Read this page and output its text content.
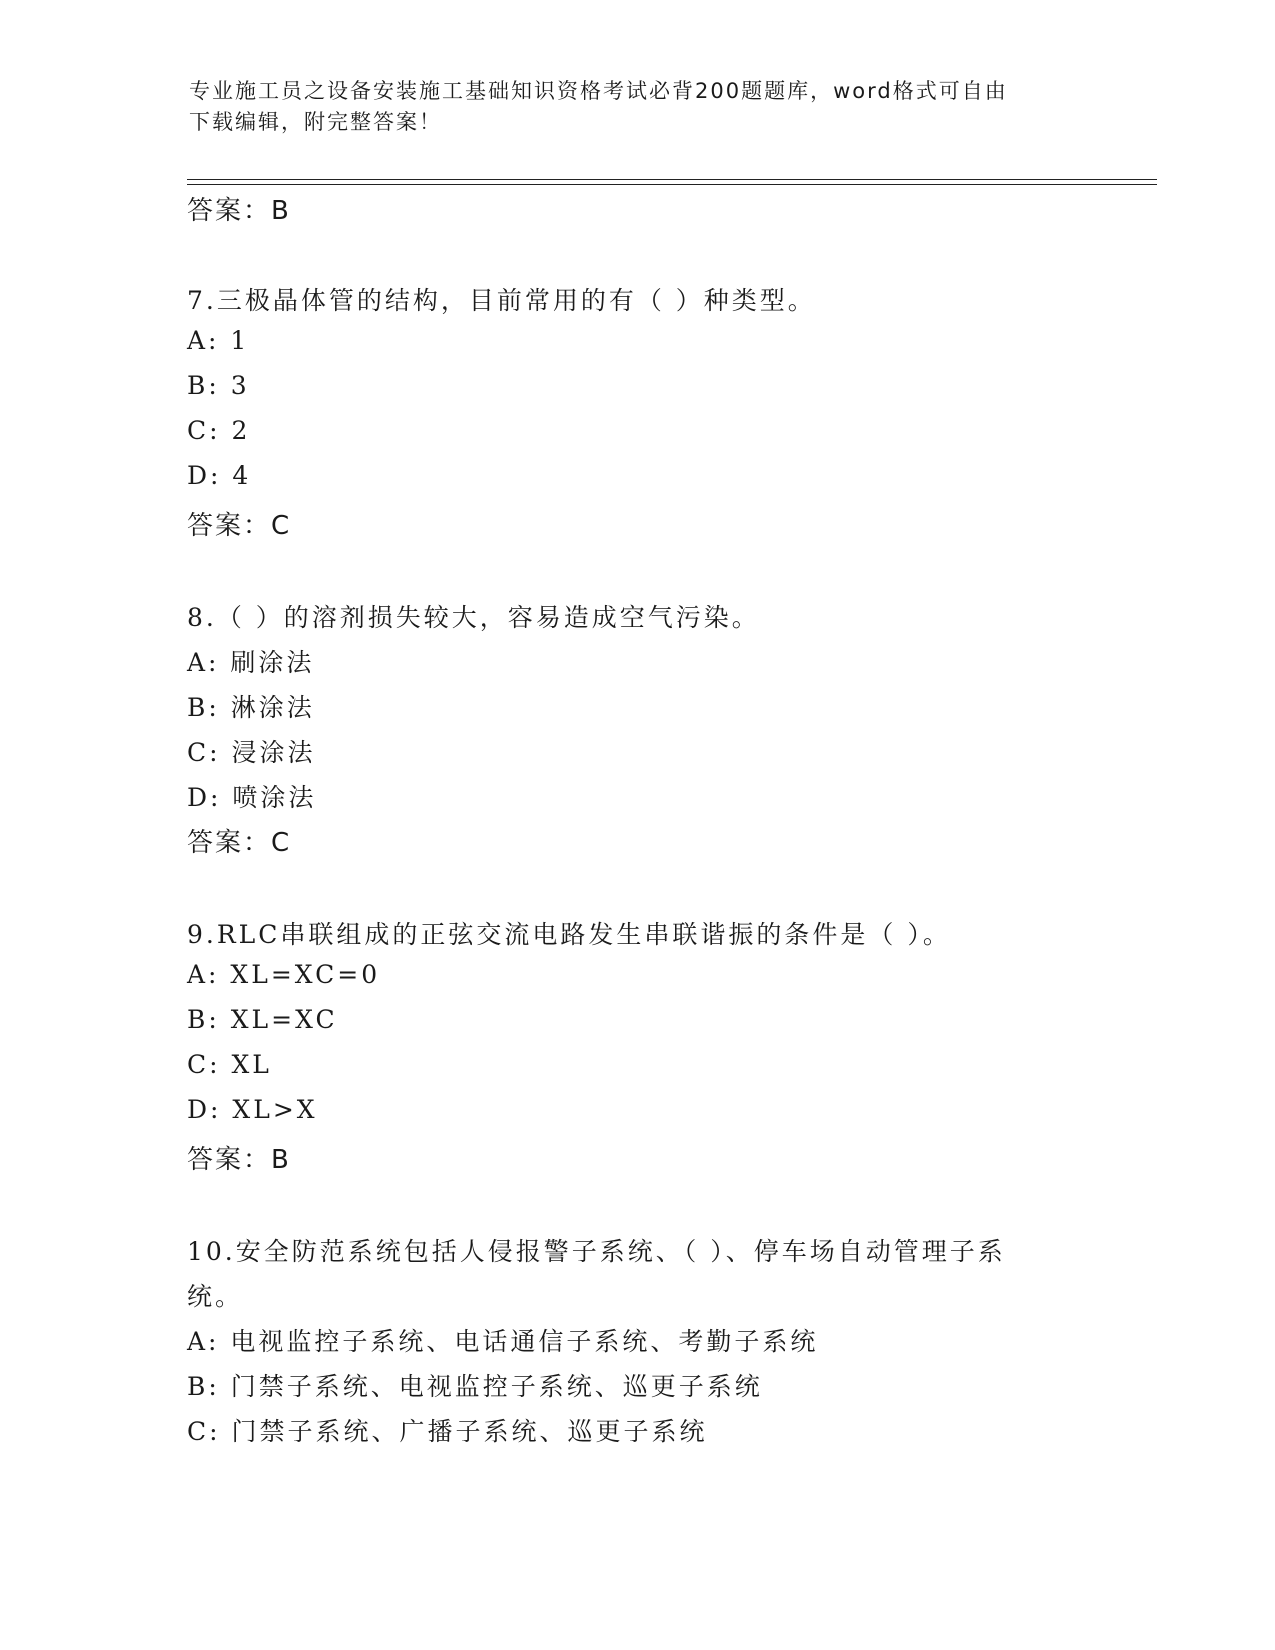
专业施工员之设备安装施工基础知识资格考试必背200题题库，word格式可自由
下载编辑，附完整答案！
答案：B
7.三极晶体管的结构，目前常用的有（ ）种类型。
A: 1
B: 3
C: 2
D: 4
答案：C
8.（ ）的溶剂损失较大，容易造成空气污染。
A: 刷涂法
B: 淋涂法
C: 浸涂法
D: 喷涂法
答案：C
9.RLC串联组成的正弦交流电路发生串联谐振的条件是（ ）。
A: XL=XC=0
B: XL=XC
C: XL
D: XL>X
答案：B
10.安全防范系统包括人侵报警子系统、（ ）、停车场自动管理子系
统。
A: 电视监控子系统、电话通信子系统、考勤子系统
B: 门禁子系统、电视监控子系统、巡更子系统
C: 门禁子系统、广播子系统、巡更子系统
